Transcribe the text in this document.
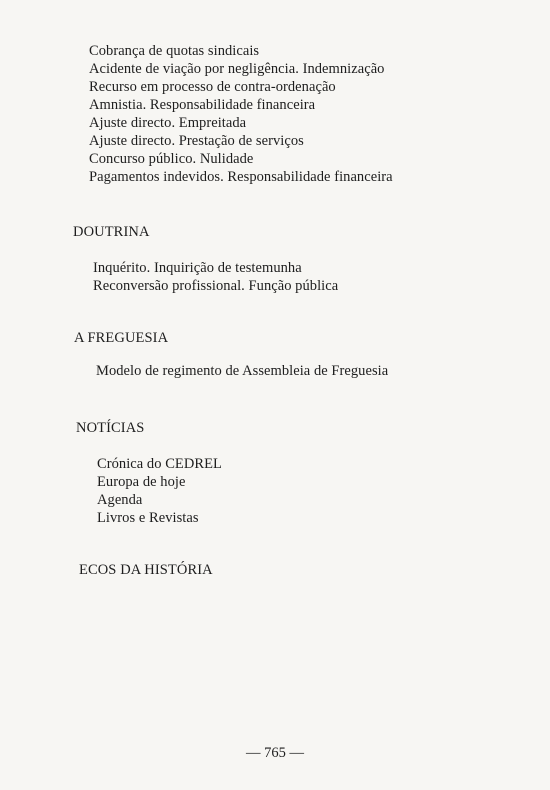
Cobrança de quotas sindicais
Acidente de viação por negligência. Indemnização
Recurso em processo de contra-ordenação
Amnistia. Responsabilidade financeira
Ajuste directo. Empreitada
Ajuste directo. Prestação de serviços
Concurso público. Nulidade
Pagamentos indevidos. Responsabilidade financeira
DOUTRINA
Inquérito. Inquirição de testemunha
Reconversão profissional. Função pública
A FREGUESIA
Modelo de regimento de Assembleia de Freguesia
NOTÍCIAS
Crónica do CEDREL
Europa de hoje
Agenda
Livros e Revistas
ECOS DA HISTÓRIA
— 765 —
